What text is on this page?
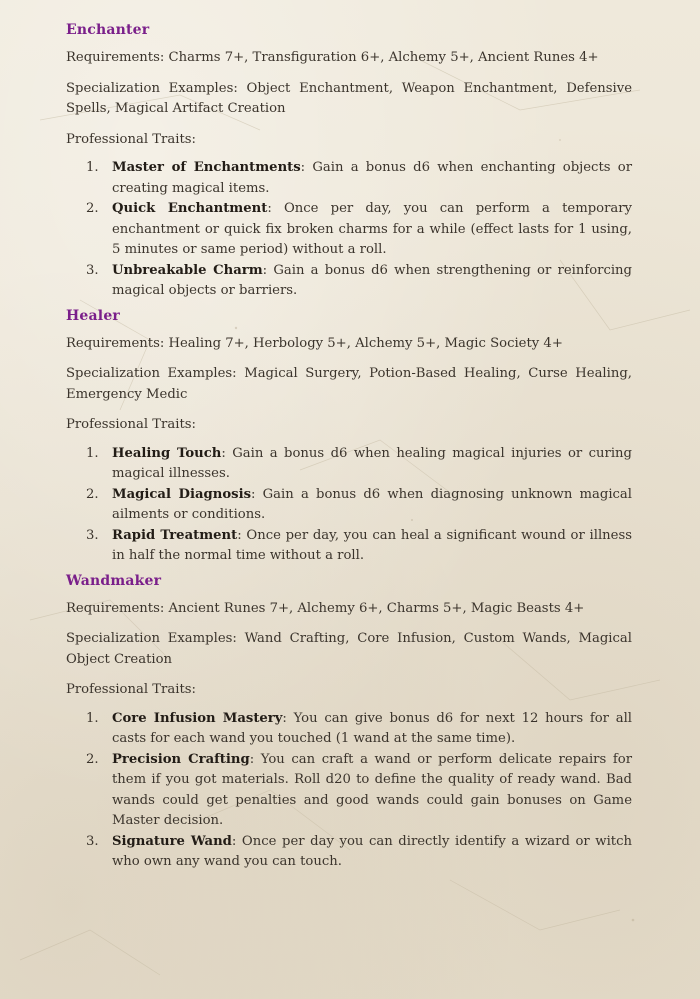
Enchanter

Requirements: Charms 7+, Transfiguration 6+, Alchemy 5+, Ancient Runes 4+

Specialization Examples: Object Enchantment, Weapon Enchantment, Defensive Spells, Magical Artifact Creation

Professional Traits:

1. Master of Enchantments: Gain a bonus d6 when enchanting objects or creating magical items.
2. Quick Enchantment: Once per day, you can perform a temporary enchantment or quick fix broken charms for a while (effect lasts for 1 using, 5 minutes or same period) without a roll.
3. Unbreakable Charm: Gain a bonus d6 when strengthening or reinforcing magical objects or barriers.
Healer

Requirements: Healing 7+, Herbology 5+, Alchemy 5+, Magic Society 4+

Specialization Examples: Magical Surgery, Potion-Based Healing, Curse Healing, Emergency Medic

Professional Traits:

1. Healing Touch: Gain a bonus d6 when healing magical injuries or curing magical illnesses.
2. Magical Diagnosis: Gain a bonus d6 when diagnosing unknown magical ailments or conditions.
3. Rapid Treatment: Once per day, you can heal a significant wound or illness in half the normal time without a roll.
Wandmaker

Requirements: Ancient Runes 7+, Alchemy 6+, Charms 5+, Magic Beasts 4+

Specialization Examples: Wand Crafting, Core Infusion, Custom Wands, Magical Object Creation

Professional Traits:

1. Core Infusion Mastery: You can give bonus d6 for next 12 hours for all casts for each wand you touched (1 wand at the same time).
2. Precision Crafting: You can craft a wand or perform delicate repairs for them if you got materials. Roll d20 to define the quality of ready wand. Bad wands could get penalties and good wands could gain bonuses on Game Master decision.
3. Signature Wand: Once per day you can directly identify a wizard or witch who own any wand you can touch.
